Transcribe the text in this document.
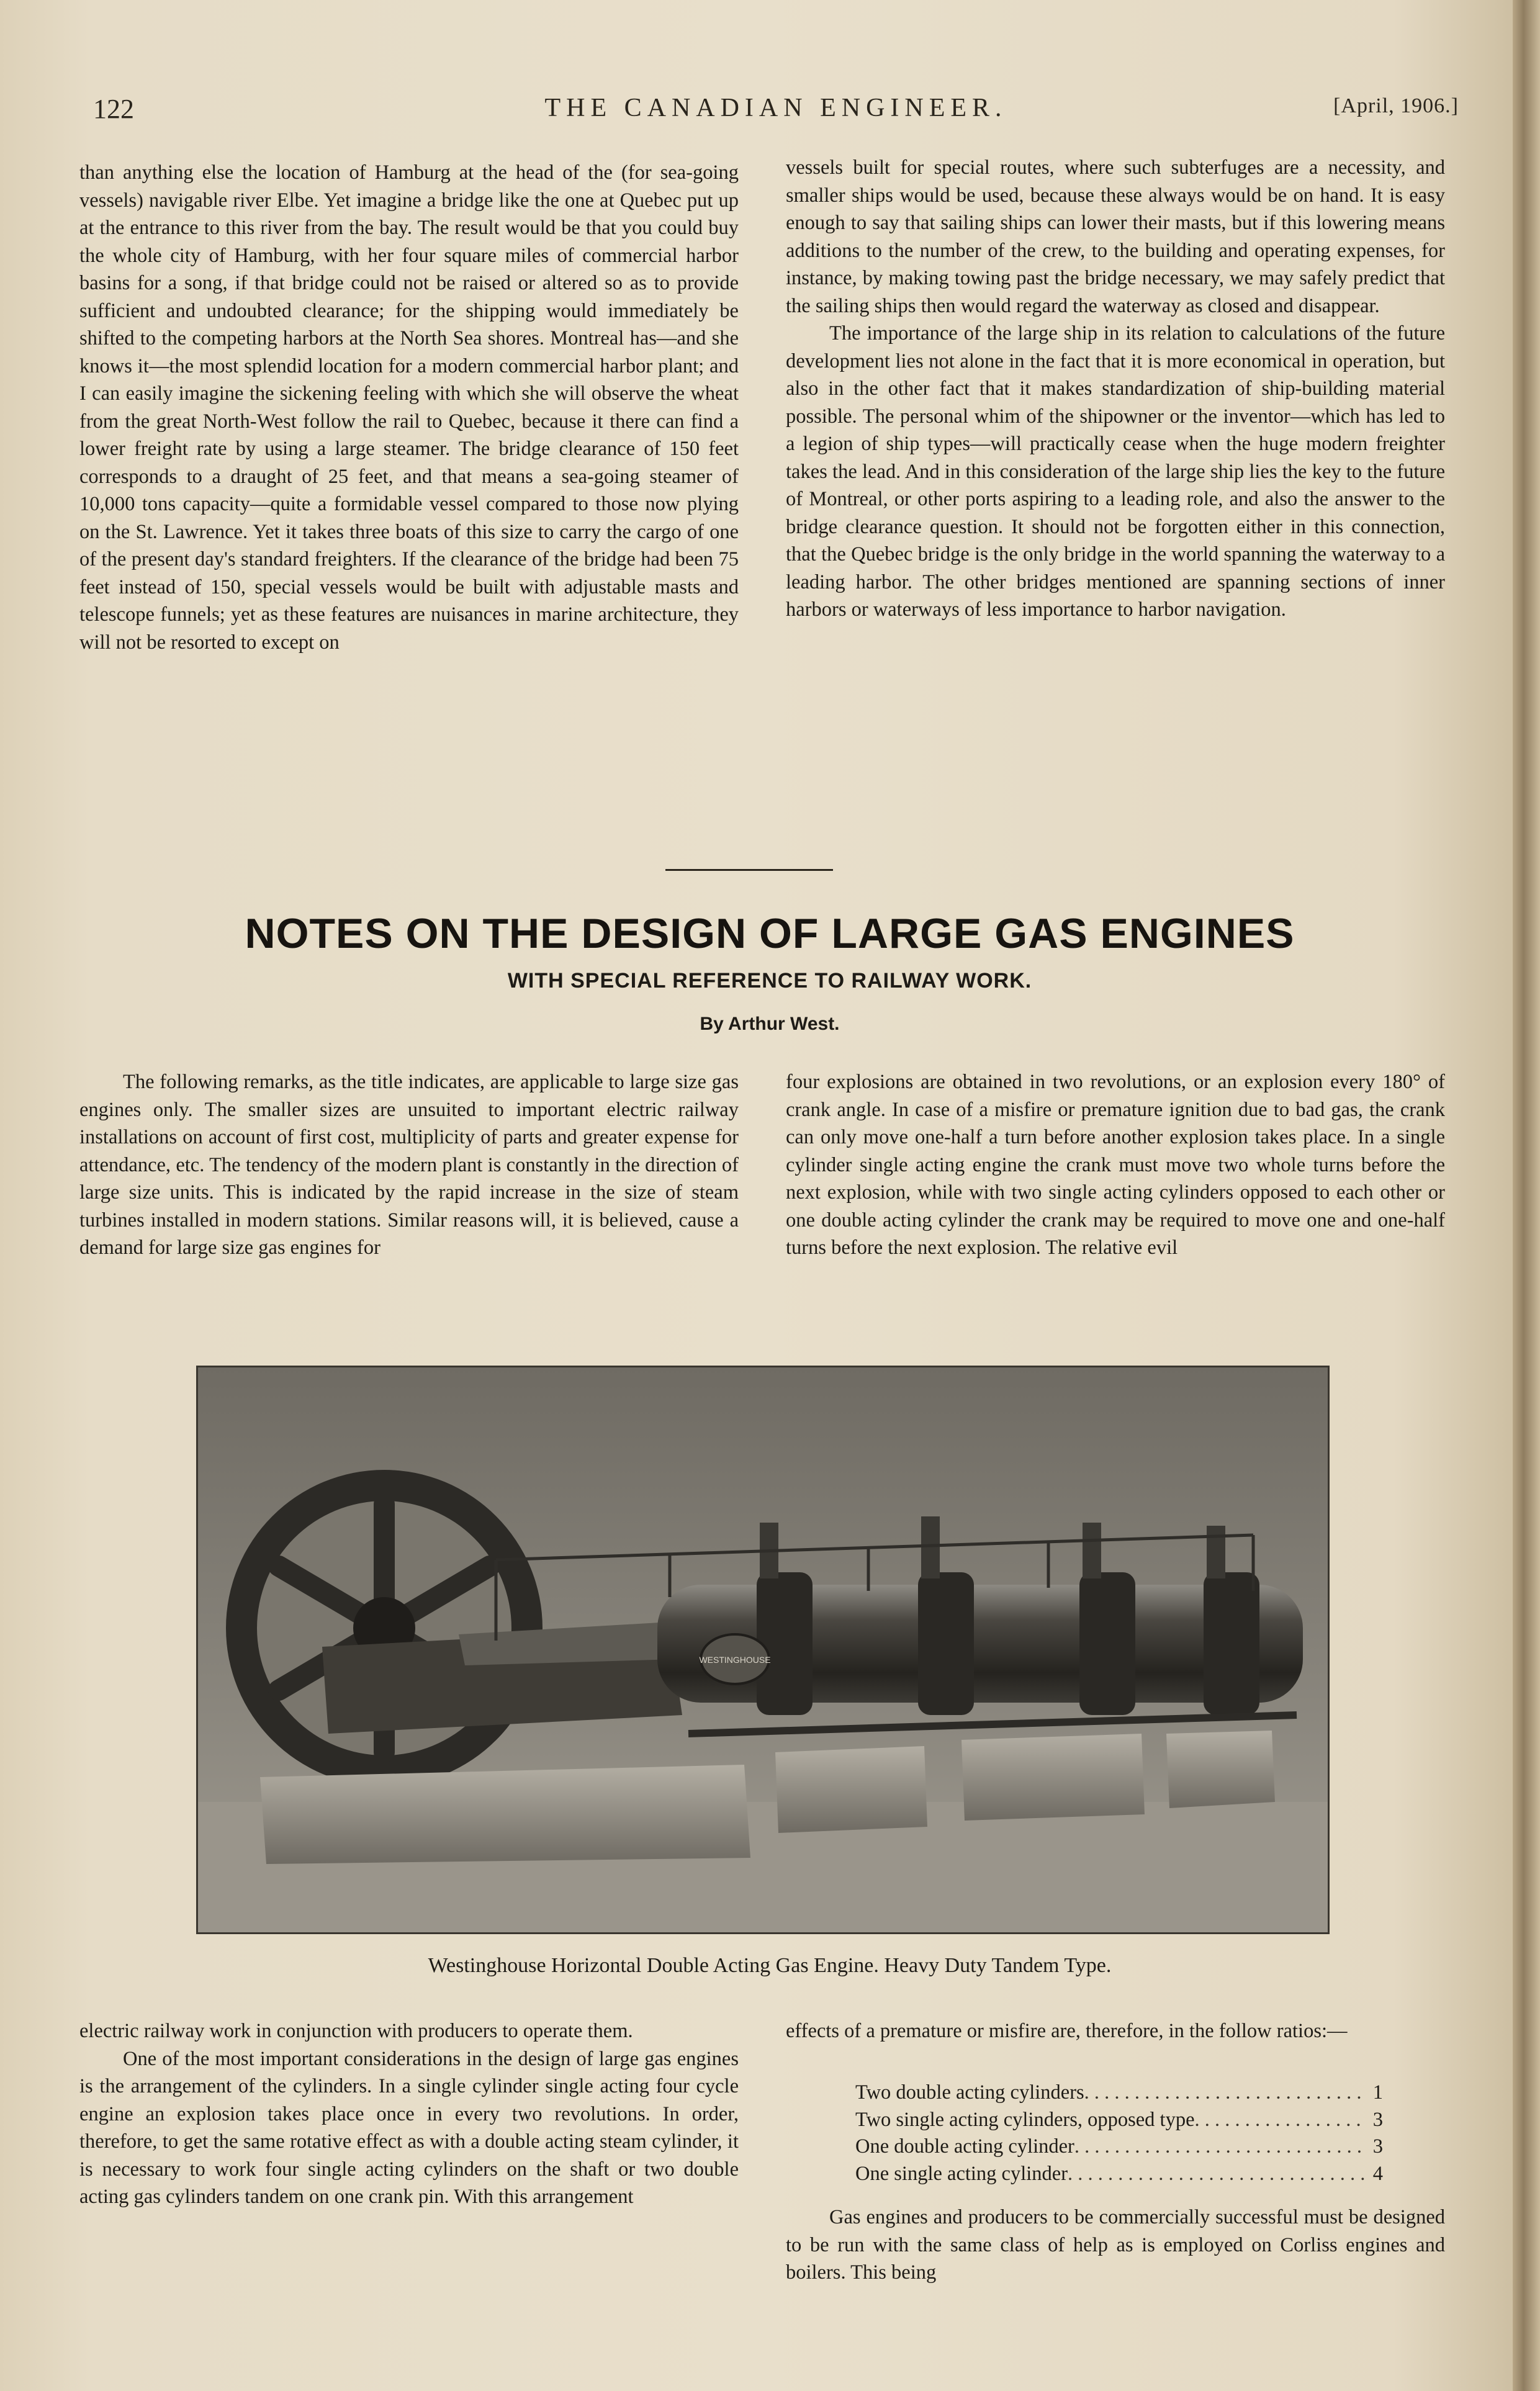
122	THE CANADIAN ENGINEER.	[April, 1906.]

than anything else the location of Hamburg at the head of the (for sea-going vessels) navigable river Elbe. Yet imagine a bridge like the one at Quebec put up at the entrance to this river from the bay. The result would be that you could buy the whole city of Hamburg, with her four square miles of commercial harbor basins for a song, if that bridge could not be raised or altered so as to provide sufficient and undoubted clearance; for the shipping would immediately be shifted to the competing harbors at the North Sea shores. Montreal has—and she knows it—the most splendid location for a modern commercial harbor plant; and I can easily imagine the sickening feeling with which she will observe the wheat from the great North-West follow the rail to Quebec, because it there can find a lower freight rate by using a large steamer. The bridge clearance of 150 feet corresponds to a draught of 25 feet, and that means a sea-going steamer of 10,000 tons capacity—quite a formidable vessel compared to those now plying on the St. Lawrence. Yet it takes three boats of this size to carry the cargo of one of the present day's standard freighters. If the clearance of the bridge had been 75 feet instead of 150, special vessels would be built with adjustable masts and telescope funnels; yet as these features are nuisances in marine architecture, they will not be resorted to except on

vessels built for special routes, where such subterfuges are a necessity, and smaller ships would be used, because these always would be on hand. It is easy enough to say that sailing ships can lower their masts, but if this lowering means additions to the number of the crew, to the building and operating expenses, for instance, by making towing past the bridge necessary, we may safely predict that the sailing ships then would regard the waterway as closed and disappear.

The importance of the large ship in its relation to calculations of the future development lies not alone in the fact that it is more economical in operation, but also in the other fact that it makes standardization of ship-building material possible. The personal whim of the shipowner or the inventor—which has led to a legion of ship types—will practically cease when the huge modern freighter takes the lead. And in this consideration of the large ship lies the key to the future of Montreal, or other ports aspiring to a leading role, and also the answer to the bridge clearance question. It should not be forgotten either in this connection, that the Quebec bridge is the only bridge in the world spanning the waterway to a leading harbor. The other bridges mentioned are spanning sections of inner harbors or waterways of less importance to harbor navigation.

NOTES ON THE DESIGN OF LARGE GAS ENGINES
WITH SPECIAL REFERENCE TO RAILWAY WORK.
By Arthur West.

The following remarks, as the title indicates, are applicable to large size gas engines only. The smaller sizes are unsuited to important electric railway installations on account of first cost, multiplicity of parts and greater expense for attendance, etc. The tendency of the modern plant is constantly in the direction of large size units. This is indicated by the rapid increase in the size of steam turbines installed in modern stations. Similar reasons will, it is believed, cause a demand for large size gas engines for

four explosions are obtained in two revolutions, or an explosion every 180° of crank angle. In case of a misfire or premature ignition due to bad gas, the crank can only move one-half a turn before another explosion takes place. In a single cylinder single acting engine the crank must move two whole turns before the next explosion, while with two single acting cylinders opposed to each other or one double acting cylinder the crank may be required to move one and one-half turns before the next explosion. The relative evil

WESTINGHOUSE
Westinghouse Horizontal Double Acting Gas Engine. Heavy Duty Tandem Type.

electric railway work in conjunction with producers to operate them.

One of the most important considerations in the design of large gas engines is the arrangement of the cylinders. In a single cylinder single acting four cycle engine an explosion takes place once in every two revolutions. In order, therefore, to get the same rotative effect as with a double acting steam cylinder, it is necessary to work four single acting cylinders on the shaft or two double acting gas cylinders tandem on one crank pin. With this arrangement

effects of a premature or misfire are, therefore, in the follow ratios:—

Two double acting cylinders . . .	1
Two single acting cylinders, opposed type . . .	3
One double acting cylinder . . .	3
One single acting cylinder . . .	4

Gas engines and producers to be commercially successful must be designed to be run with the same class of help as is employed on Corliss engines and boilers. This being
